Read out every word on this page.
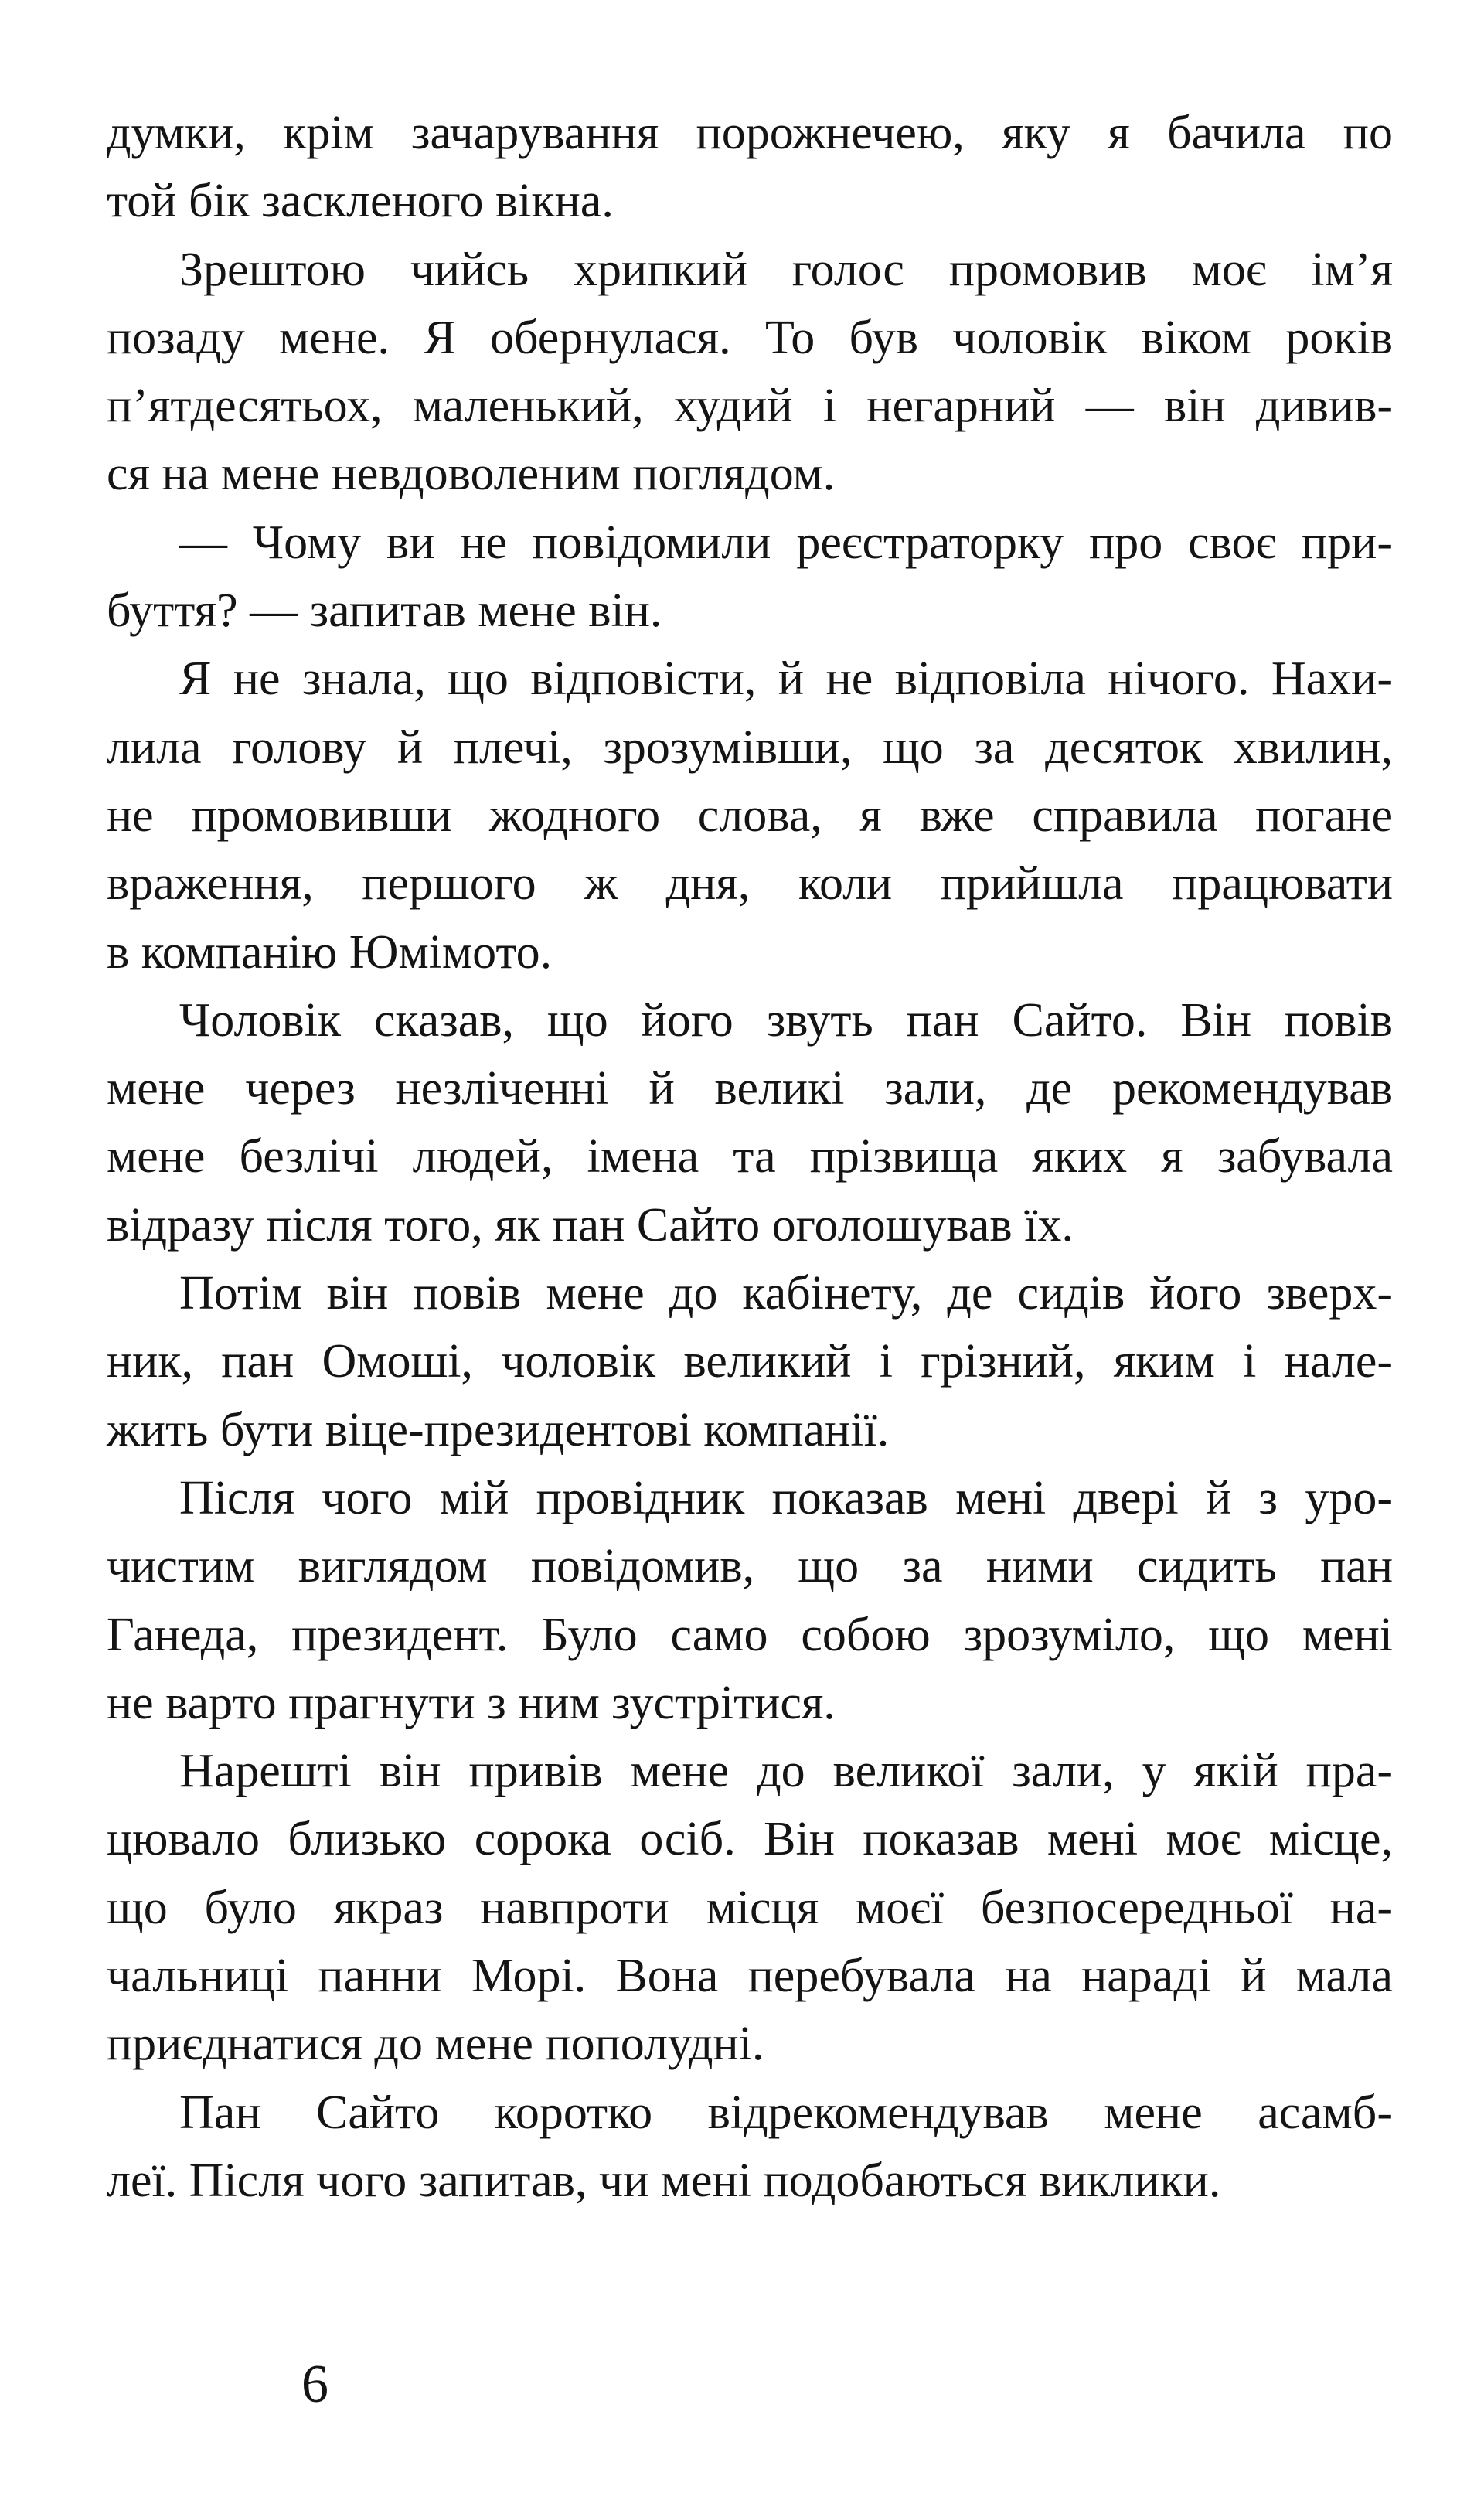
думки, крім зачарування порожнечею, яку я бачила по
той бік заскленого вікна.
Зрештою чийсь хрипкий голос промовив моє ім’я
позаду мене. Я обернулася. То був чоловік віком років
п’ятдесятьох, маленький, худий і негарний — він дивив-
ся на мене невдоволеним поглядом.
— Чому ви не повідомили реєстраторку про своє при-
буття? — запитав мене він.
Я не знала, що відповісти, й не відповіла нічого. Нахи-
лила голову й плечі, зрозумівши, що за десяток хвилин,
не промовивши жодного слова, я вже справила погане
враження, першого ж дня, коли прийшла працювати
в компанію Юмімото.
Чоловік сказав, що його звуть пан Сайто. Він повів
мене через незліченні й великі зали, де рекомендував
мене безлічі людей, імена та прізвища яких я забувала
відразу після того, як пан Сайто оголошував їх.
Потім він повів мене до кабінету, де сидів його зверх-
ник, пан Омоші, чоловік великий і грізний, яким і нале-
жить бути віце-президентові компанії.
Після чого мій провідник показав мені двері й з уро-
чистим виглядом повідомив, що за ними сидить пан
Ганеда, президент. Було само собою зрозуміло, що мені
не варто прагнути з ним зустрітися.
Нарешті він привів мене до великої зали, у якій пра-
цювало близько сорока осіб. Він показав мені моє місце,
що було якраз навпроти місця моєї безпосередньої на-
чальниці панни Морі. Вона перебувала на нараді й мала
приєднатися до мене пополудні.
Пан Сайто коротко відрекомендував мене асамб-
леї. Після чого запитав, чи мені подобаються виклики.
6
